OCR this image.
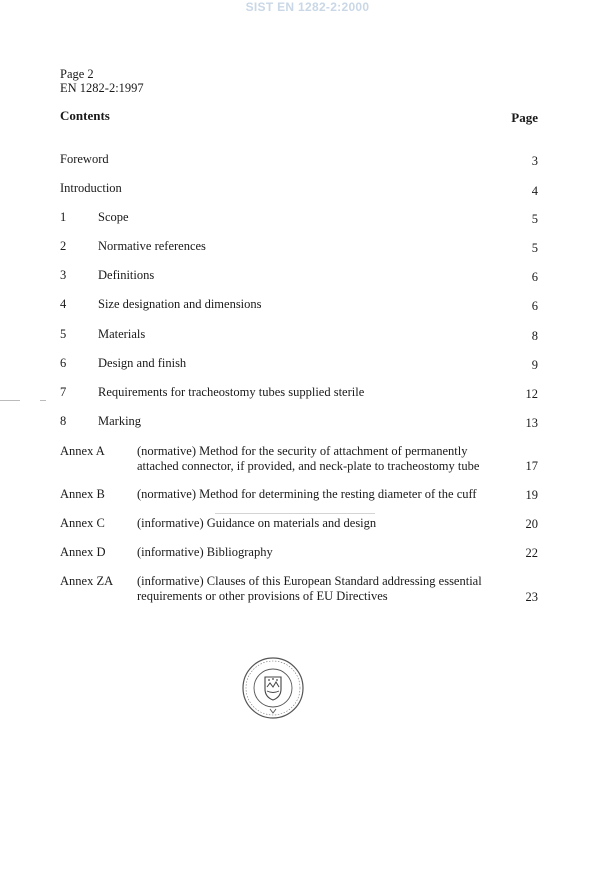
SIST EN 1282-2:2000
Page 2
EN 1282-2:1997
Contents	Page
Foreword	3
Introduction	4
1	Scope	5
2	Normative references	5
3	Definitions	6
4	Size designation and dimensions	6
5	Materials	8
6	Design and finish	9
7	Requirements for tracheostomy tubes supplied sterile	12
8	Marking	13
Annex A	(normative) Method for the security of attachment of permanently attached connector, if provided, and neck-plate to tracheostomy tube	17
Annex B	(normative) Method for determining the resting diameter of the cuff	19
Annex C	(informative) Guidance on materials and design	20
Annex D	(informative) Bibliography	22
Annex ZA (informative) Clauses of this European Standard addressing essential requirements or other provisions of EU Directives	23
